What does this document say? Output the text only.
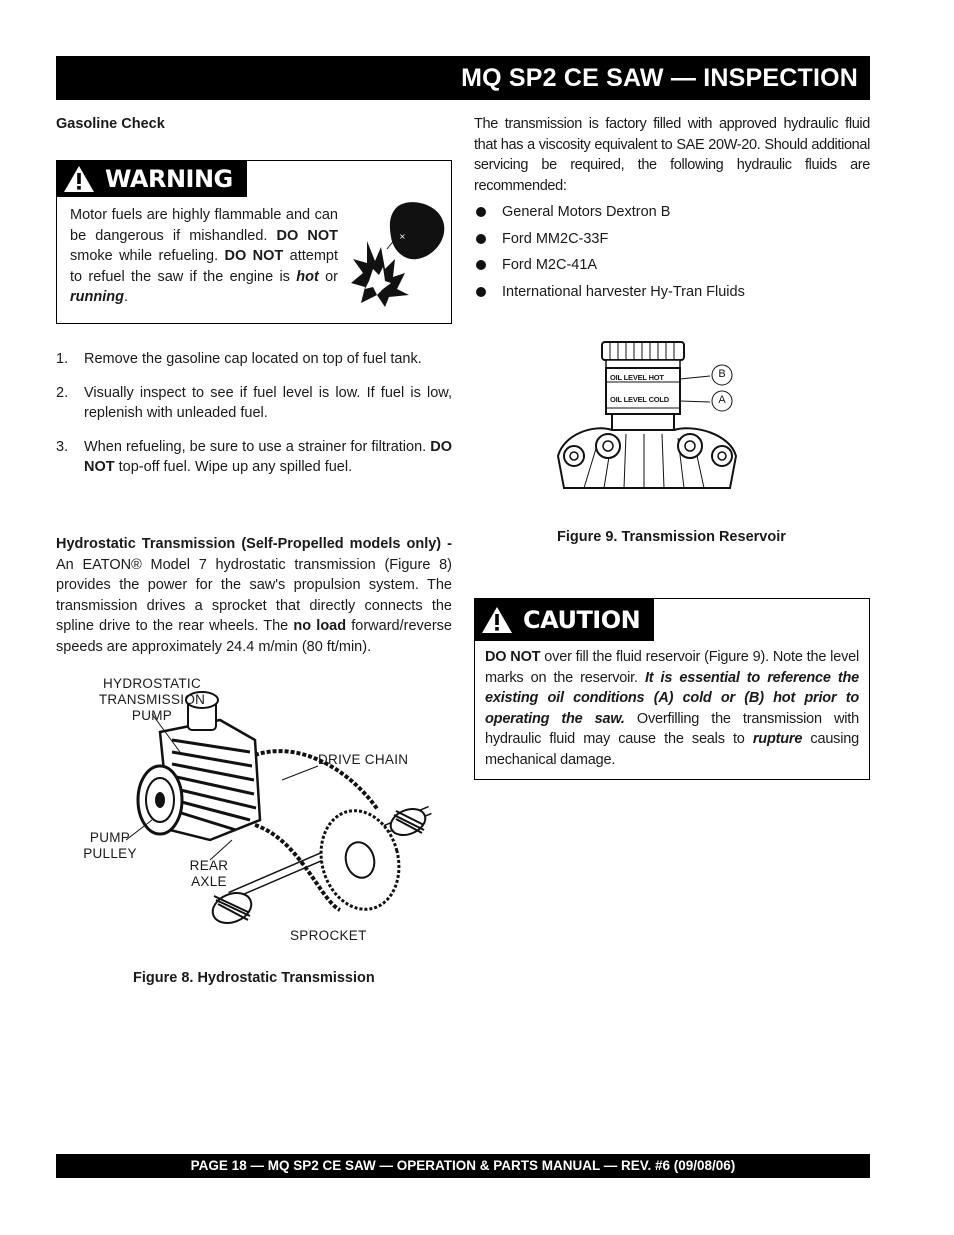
MQ SP2 CE SAW — INSPECTION
Gasoline Check
WARNING
Motor fuels are highly flammable and can be dangerous if mishandled. DO NOT smoke while refueling. DO NOT attempt to refuel the saw if the engine is hot or running.
×
1. Remove the gasoline cap located on top of fuel tank.
2. Visually inspect to see if fuel level is low. If fuel is low, replenish with unleaded fuel.
3. When refueling, be sure to use a strainer for filtration. DO NOT top-off fuel. Wipe up any spilled fuel.
Hydrostatic Transmission (Self-Propelled models only) - An EATON® Model 7 hydrostatic transmission (Figure 8) provides the power for the saw's propulsion system. The transmission drives a sprocket that directly connects the spline drive to the rear wheels. The no load forward/reverse speeds are approximately 24.4 m/min (80 ft/min).
HYDROSTATIC TRANSMISSION PUMP
DRIVE CHAIN
PUMP PULLEY
REAR AXLE
SPROCKET
Figure 8. Hydrostatic Transmission
The transmission is factory filled with approved hydraulic fluid that has a viscosity equivalent to SAE 20W-20. Should additional servicing be required, the following hydraulic fluids are recommended:
General Motors Dextron B
Ford MM2C-33F
Ford M2C-41A
International harvester Hy-Tran Fluids
OIL LEVEL HOT
OIL LEVEL COLD
B
A
Figure 9. Transmission Reservoir
CAUTION
DO NOT over fill the fluid reservoir (Figure 9). Note the level marks on the reservoir. It is essential to reference the existing oil conditions (A) cold or (B) hot prior to operating the saw. Overfilling the transmission with hydraulic fluid may cause the seals to rupture causing mechanical damage.
PAGE 18 — MQ SP2 CE SAW — OPERATION & PARTS MANUAL — REV. #6 (09/08/06)
